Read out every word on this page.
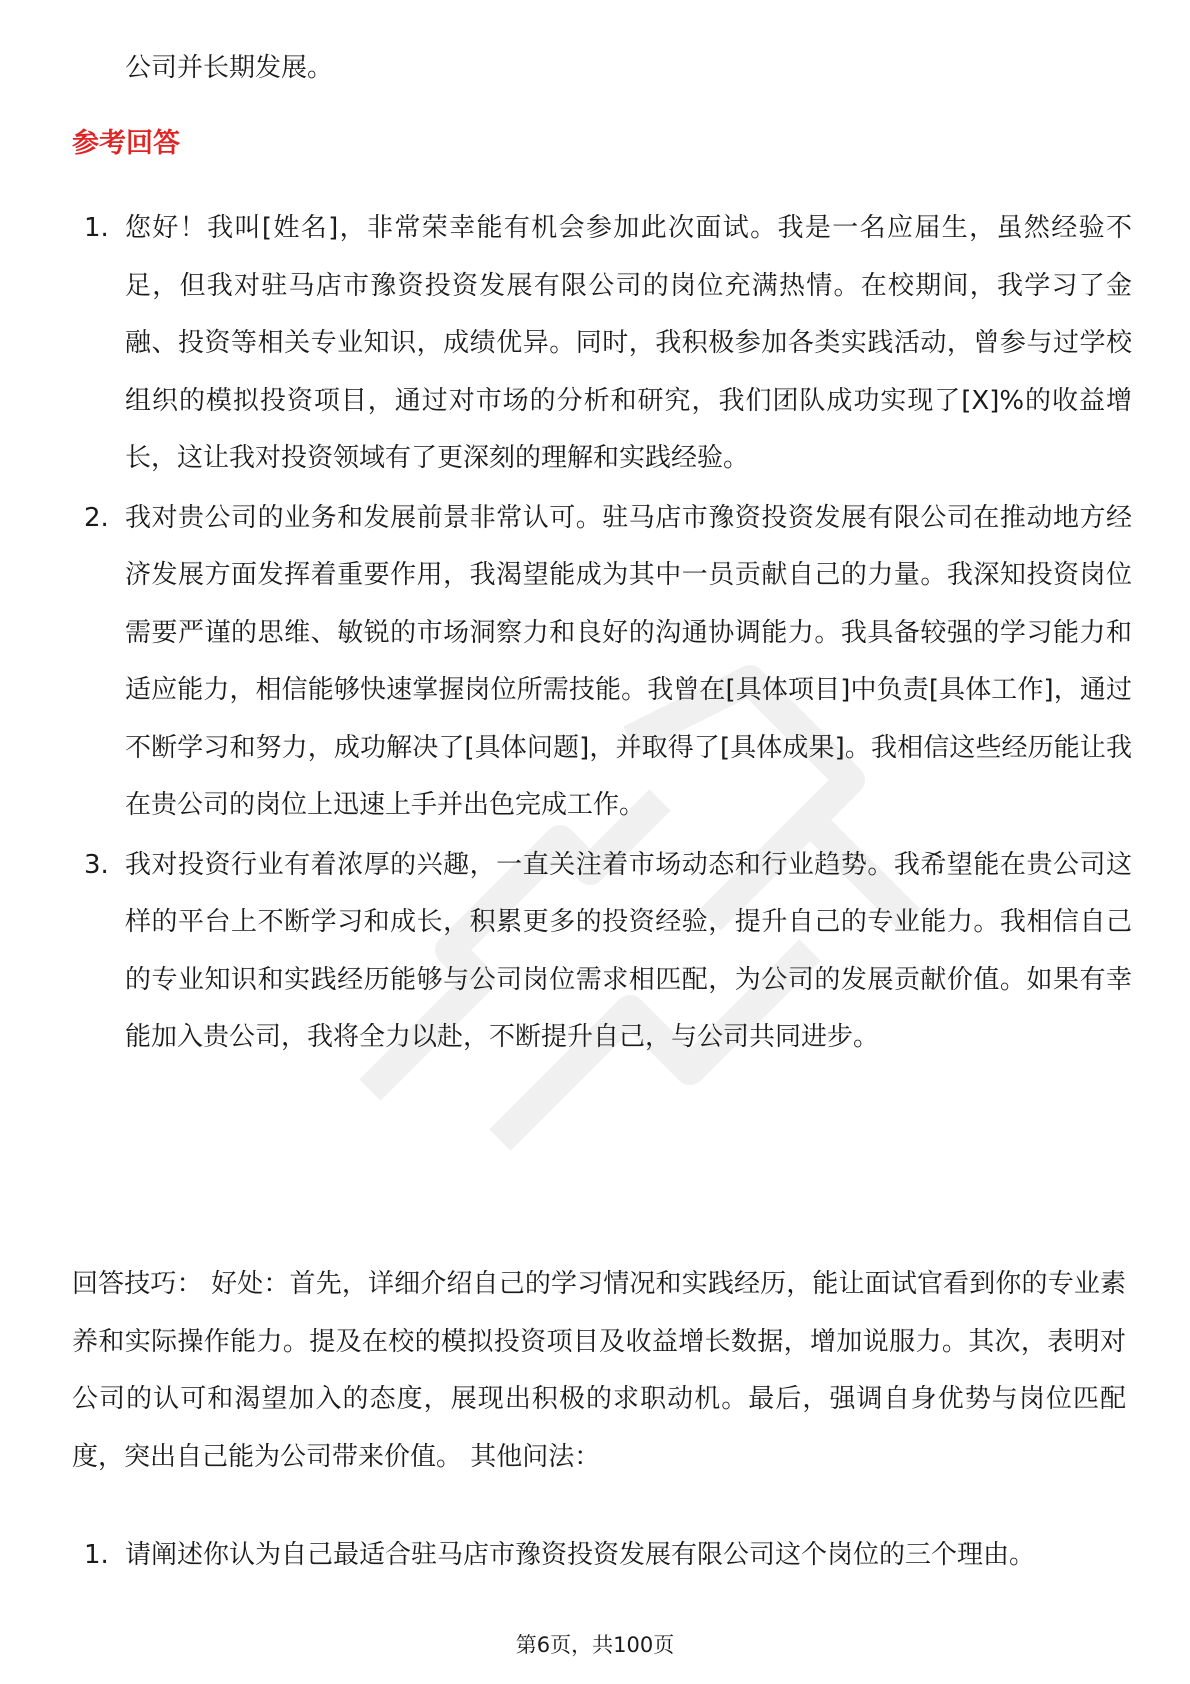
公司并长期发展。
参考回答
1. 您好！我叫[姓名]，非常荣幸能有机会参加此次面试。我是一名应届生，虽然经验不足，但我对驻马店市豫资投资发展有限公司的岗位充满热情。在校期间，我学习了金融、投资等相关专业知识，成绩优异。同时，我积极参加各类实践活动，曾参与过学校组织的模拟投资项目，通过对市场的分析和研究，我们团队成功实现了[X]%的收益增长，这让我对投资领域有了更深刻的理解和实践经验。
2. 我对贵公司的业务和发展前景非常认可。驻马店市豫资投资发展有限公司在推动地方经济发展方面发挥着重要作用，我渴望能成为其中一员贡献自己的力量。我深知投资岗位需要严谨的思维、敏锐的市场洞察力和良好的沟通协调能力。我具备较强的学习能力和适应能力，相信能够快速掌握岗位所需技能。我曾在[具体项目]中负责[具体工作]，通过不断学习和努力，成功解决了[具体问题]，并取得了[具体成果]。我相信这些经历能让我在贵公司的岗位上迅速上手并出色完成工作。
3. 我对投资行业有着浓厚的兴趣，一直关注着市场动态和行业趋势。我希望能在贵公司这样的平台上不断学习和成长，积累更多的投资经验，提升自己的专业能力。我相信自己的专业知识和实践经历能够与公司岗位需求相匹配，为公司的发展贡献价值。如果有幸能加入贵公司，我将全力以赴，不断提升自己，与公司共同进步。
回答技巧： 好处：首先，详细介绍自己的学习情况和实践经历，能让面试官看到你的专业素养和实际操作能力。提及在校的模拟投资项目及收益增长数据，增加说服力。其次，表明对公司的认可和渴望加入的态度，展现出积极的求职动机。最后，强调自身优势与岗位匹配度，突出自己能为公司带来价值。 其他问法：
1. 请阐述你认为自己最适合驻马店市豫资投资发展有限公司这个岗位的三个理由。
第6页，共100页
